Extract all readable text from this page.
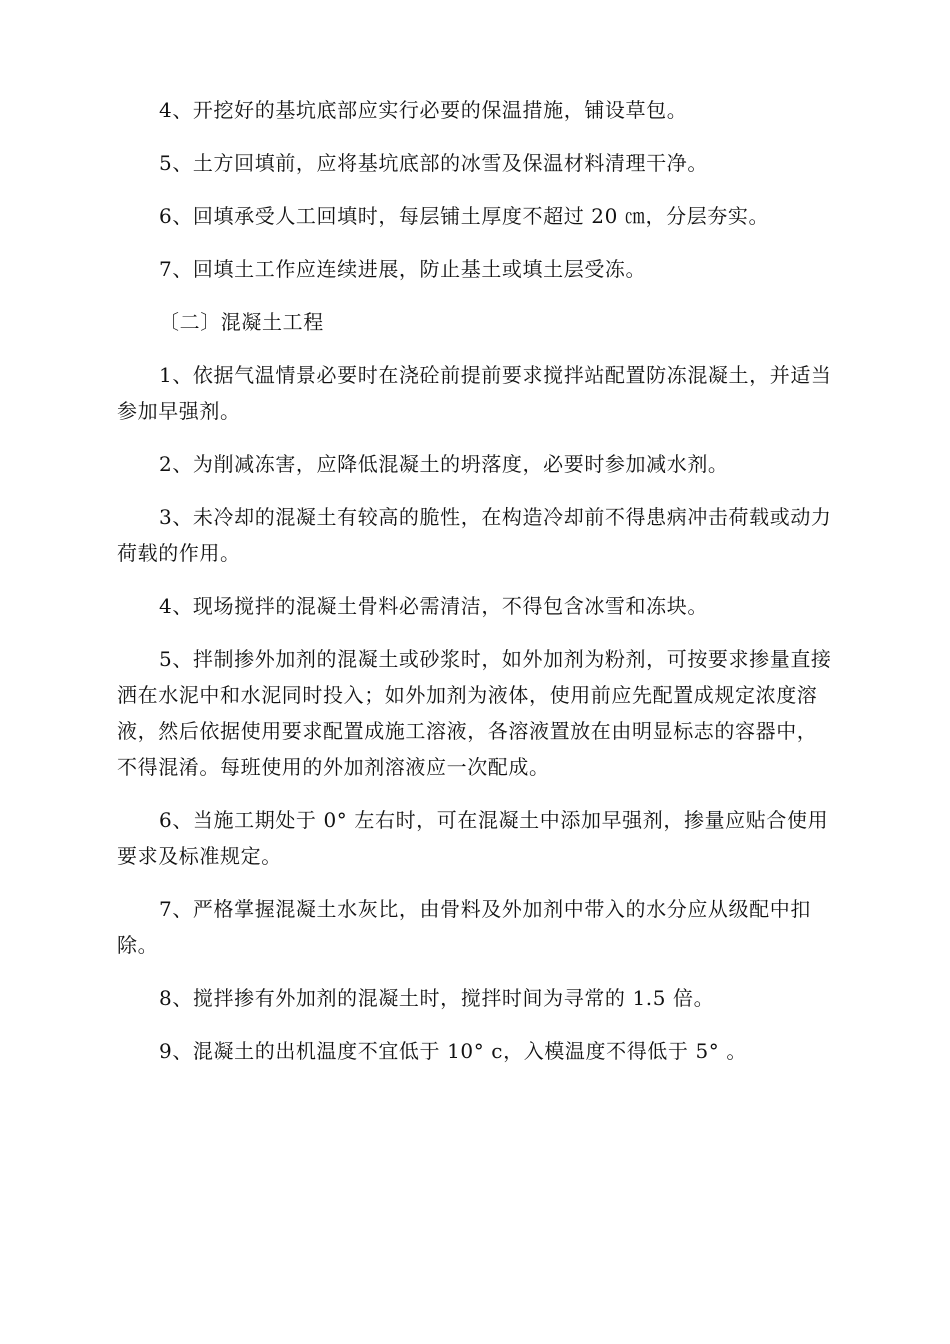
4、开挖好的基坑底部应实行必要的保温措施，铺设草包。

5、土方回填前，应将基坑底部的冰雪及保温材料清理干净。

6、回填承受人工回填时，每层铺土厚度不超过 20 ㎝，分层夯实。

7、回填土工作应连续进展，防止基土或填土层受冻。

〔二〕混凝土工程

1、依据气温情景必要时在浇砼前提前要求搅拌站配置防冻混凝土，并适当参加早强剂。

2、为削减冻害，应降低混凝土的坍落度，必要时参加减水剂。

3、未冷却的混凝土有较高的脆性，在构造冷却前不得患病冲击荷载或动力荷载的作用。

4、现场搅拌的混凝土骨料必需清洁，不得包含冰雪和冻块。

5、拌制掺外加剂的混凝土或砂浆时，如外加剂为粉剂，可按要求掺量直接洒在水泥中和水泥同时投入；如外加剂为液体，使用前应先配置成规定浓度溶液，然后依据使用要求配置成施工溶液，各溶液置放在由明显标志的容器中，不得混淆。每班使用的外加剂溶液应一次配成。

6、当施工期处于 0° 左右时，可在混凝土中添加早强剂，掺量应贴合使用要求及标准规定。

7、严格掌握混凝土水灰比，由骨料及外加剂中带入的水分应从级配中扣除。

8、搅拌掺有外加剂的混凝土时，搅拌时间为寻常的 1.5 倍。

9、混凝土的出机温度不宜低于 10° c，入模温度不得低于 5° 。
